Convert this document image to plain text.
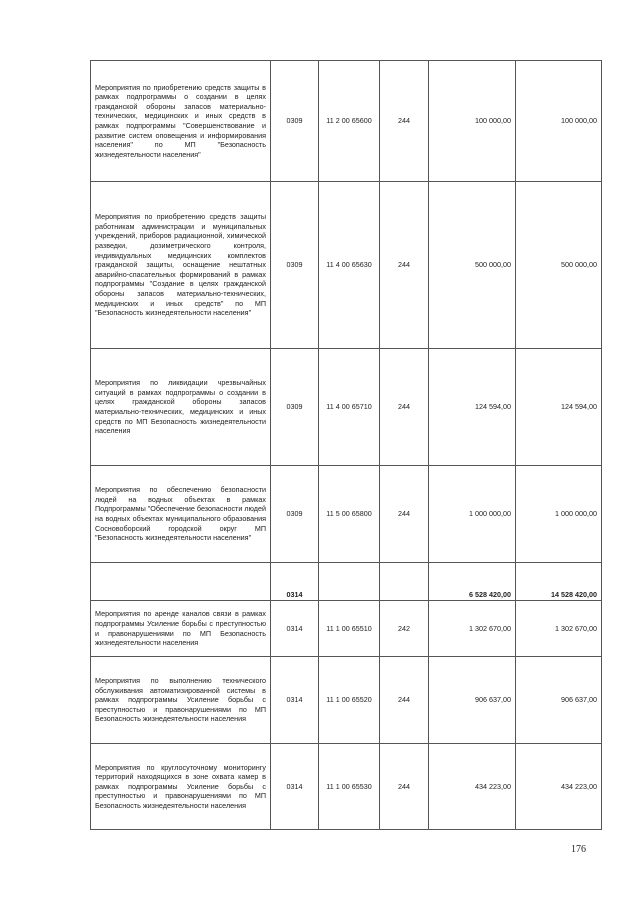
Мероприятия по приобретению средств защиты в рамках подпрограммы о создании в целях гражданской обороны запасов материально-технических, медицинских и иных средств в рамках подпрограммы "Совершенствование и развитие систем оповещения и информирования населения" по МП "Безопасность жизнедеятельности населения"	0309	11 2 00 65600	244	100 000,00	100 000,00
Мероприятия по приобретению средств защиты работникам администрации и муниципальных учреждений, приборов радиационной, химической разведки, дозиметрического контроля, индивидуальных медицинских комплектов гражданской защиты, оснащение нештатных аварийно-спасательных формирований в рамках подпрограммы "Создание в целях гражданской обороны запасов материально-технических, медицинских и иных средств" по МП "Безопасность жизнедеятельности населения"	0309	11 4 00 65630	244	500 000,00	500 000,00
Мероприятия по ликвидации чрезвычайных ситуаций в рамках подпрограммы о создании в целях гражданской обороны запасов материально-технических, медицинских и иных средств по МП Безопасность жизнедеятельности населения	0309	11 4 00 65710	244	124 594,00	124 594,00
Мероприятия по обеспечению безопасности людей на водных объектах в рамках Подпрограммы "Обеспечение безопасности людей на водных объектах муниципального образования Сосновоборский городской округ МП "Безопасность жизнедеятельности населения"	0309	11 5 00 65800	244	1 000 000,00	1 000 000,00
	0314			6 528 420,00	14 528 420,00
Мероприятия по аренде каналов связи в рамках подпрограммы Усиление борьбы с преступностью и правонарушениями по МП Безопасность жизнедеятельности населения	0314	11 1 00 65510	242	1 302 670,00	1 302 670,00
Мероприятия по выполнению технического обслуживания автоматизированной системы в рамках подпрограммы Усиление борьбы с преступностью и правонарушениями по МП Безопасность жизнедеятельности населения	0314	11 1 00 65520	244	906 637,00	906 637,00
Мероприятия по круглосуточному мониторингу территорий находящихся в зоне охвата камер в рамках подпрограммы Усиление борьбы с преступностью и правонарушениями по МП Безопасность жизнедеятельности населения	0314	11 1 00 65530	244	434 223,00	434 223,00
176
